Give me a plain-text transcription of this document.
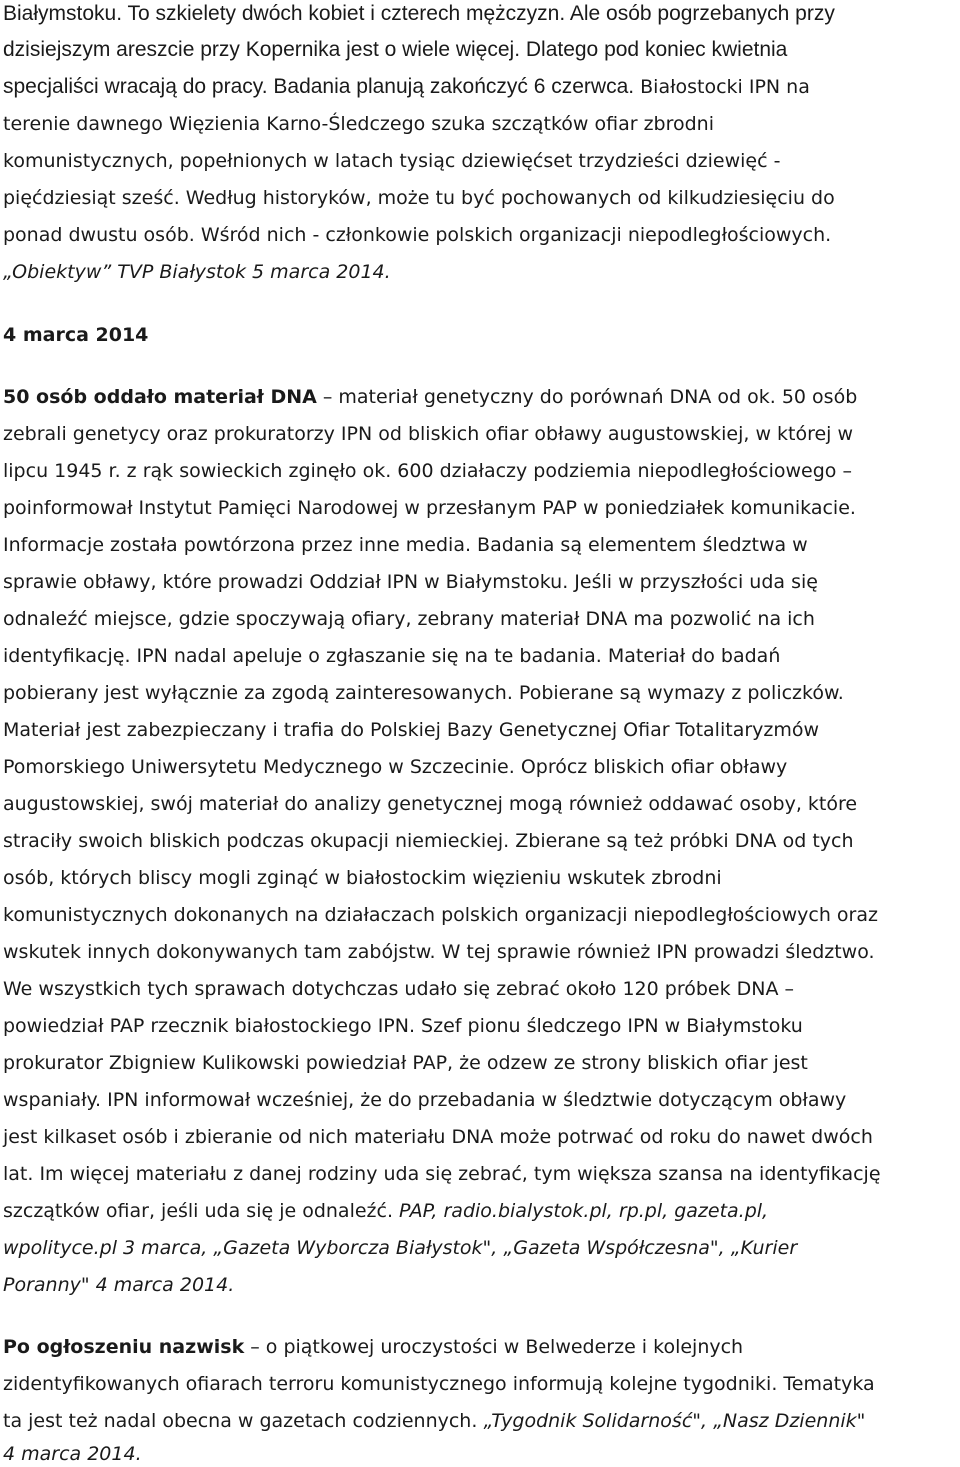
Białymstoku. To szkielety dwóch kobiet i czterech mężczyzn. Ale osób pogrzebanych przy
dzisiejszym areszcie przy Kopernika jest o wiele więcej. Dlatego pod koniec kwietnia
specjaliści wracają do pracy. Badania planują zakończyć 6 czerwca. Białostocki IPN na
terenie dawnego Więzienia Karno-Śledczego szuka szczątków ofiar zbrodni
komunistycznych, popełnionych w latach tysiąc dziewięćset trzydzieści dziewięć -
pięćdziesiąt sześć. Według historyków, może tu być pochowanych od kilkudziesięciu do
ponad dwustu osób. Wśród nich - członkowie polskich organizacji niepodległościowych.
„Obiektyw” TVP Białystok 5 marca 2014.
4 marca 2014
50 osób oddało materiał DNA – materiał genetyczny do porównań DNA od ok. 50 osób
zebrali genetycy oraz prokuratorzy IPN od bliskich ofiar obławy augustowskiej, w której w
lipcu 1945 r. z rąk sowieckich zginęło ok. 600 działaczy podziemia niepodległościowego –
poinformował Instytut Pamięci Narodowej w przesłanym PAP w poniedziałek komunikacie.
Informacje została powtórzona przez inne media. Badania są elementem śledztwa w
sprawie obławy, które prowadzi Oddział IPN w Białymstoku. Jeśli w przyszłości uda się
odnaleźć miejsce, gdzie spoczywają ofiary, zebrany materiał DNA ma pozwolić na ich
identyfikację. IPN nadal apeluje o zgłaszanie się na te badania. Materiał do badań
pobierany jest wyłącznie za zgodą zainteresowanych. Pobierane są wymazy z policzków.
Materiał jest zabezpieczany i trafia do Polskiej Bazy Genetycznej Ofiar Totalitaryzmów
Pomorskiego Uniwersytetu Medycznego w Szczecinie. Oprócz bliskich ofiar obławy
augustowskiej, swój materiał do analizy genetycznej mogą również oddawać osoby, które
straciły swoich bliskich podczas okupacji niemieckiej. Zbierane są też próbki DNA od tych
osób, których bliscy mogli zginąć w białostockim więzieniu wskutek zbrodni
komunistycznych dokonanych na działaczach polskich organizacji niepodległościowych oraz
wskutek innych dokonywanych tam zabójstw. W tej sprawie również IPN prowadzi śledztwo.
We wszystkich tych sprawach dotychczas udało się zebrać około 120 próbek DNA –
powiedział PAP rzecznik białostockiego IPN. Szef pionu śledczego IPN w Białymstoku
prokurator Zbigniew Kulikowski powiedział PAP, że odzew ze strony bliskich ofiar jest
wspaniały. IPN informował wcześniej, że do przebadania w śledztwie dotyczącym obławy
jest kilkaset osób i zbieranie od nich materiału DNA może potrwać od roku do nawet dwóch
lat. Im więcej materiału z danej rodziny uda się zebrać, tym większa szansa na identyfikację
szczątków ofiar, jeśli uda się je odnaleźć. PAP, radio.bialystok.pl, rp.pl, gazeta.pl,
wpolityce.pl 3 marca, „Gazeta Wyborcza Białystok", „Gazeta Współczesna", „Kurier
Poranny" 4 marca 2014.
Po ogłoszeniu nazwisk – o piątkowej uroczystości w Belwederze i kolejnych
zidentyfikowanych ofiarach terroru komunistycznego informują kolejne tygodniki. Tematyka
ta jest też nadal obecna w gazetach codziennych. „Tygodnik Solidarność", „Nasz Dziennik"
4 marca 2014.
